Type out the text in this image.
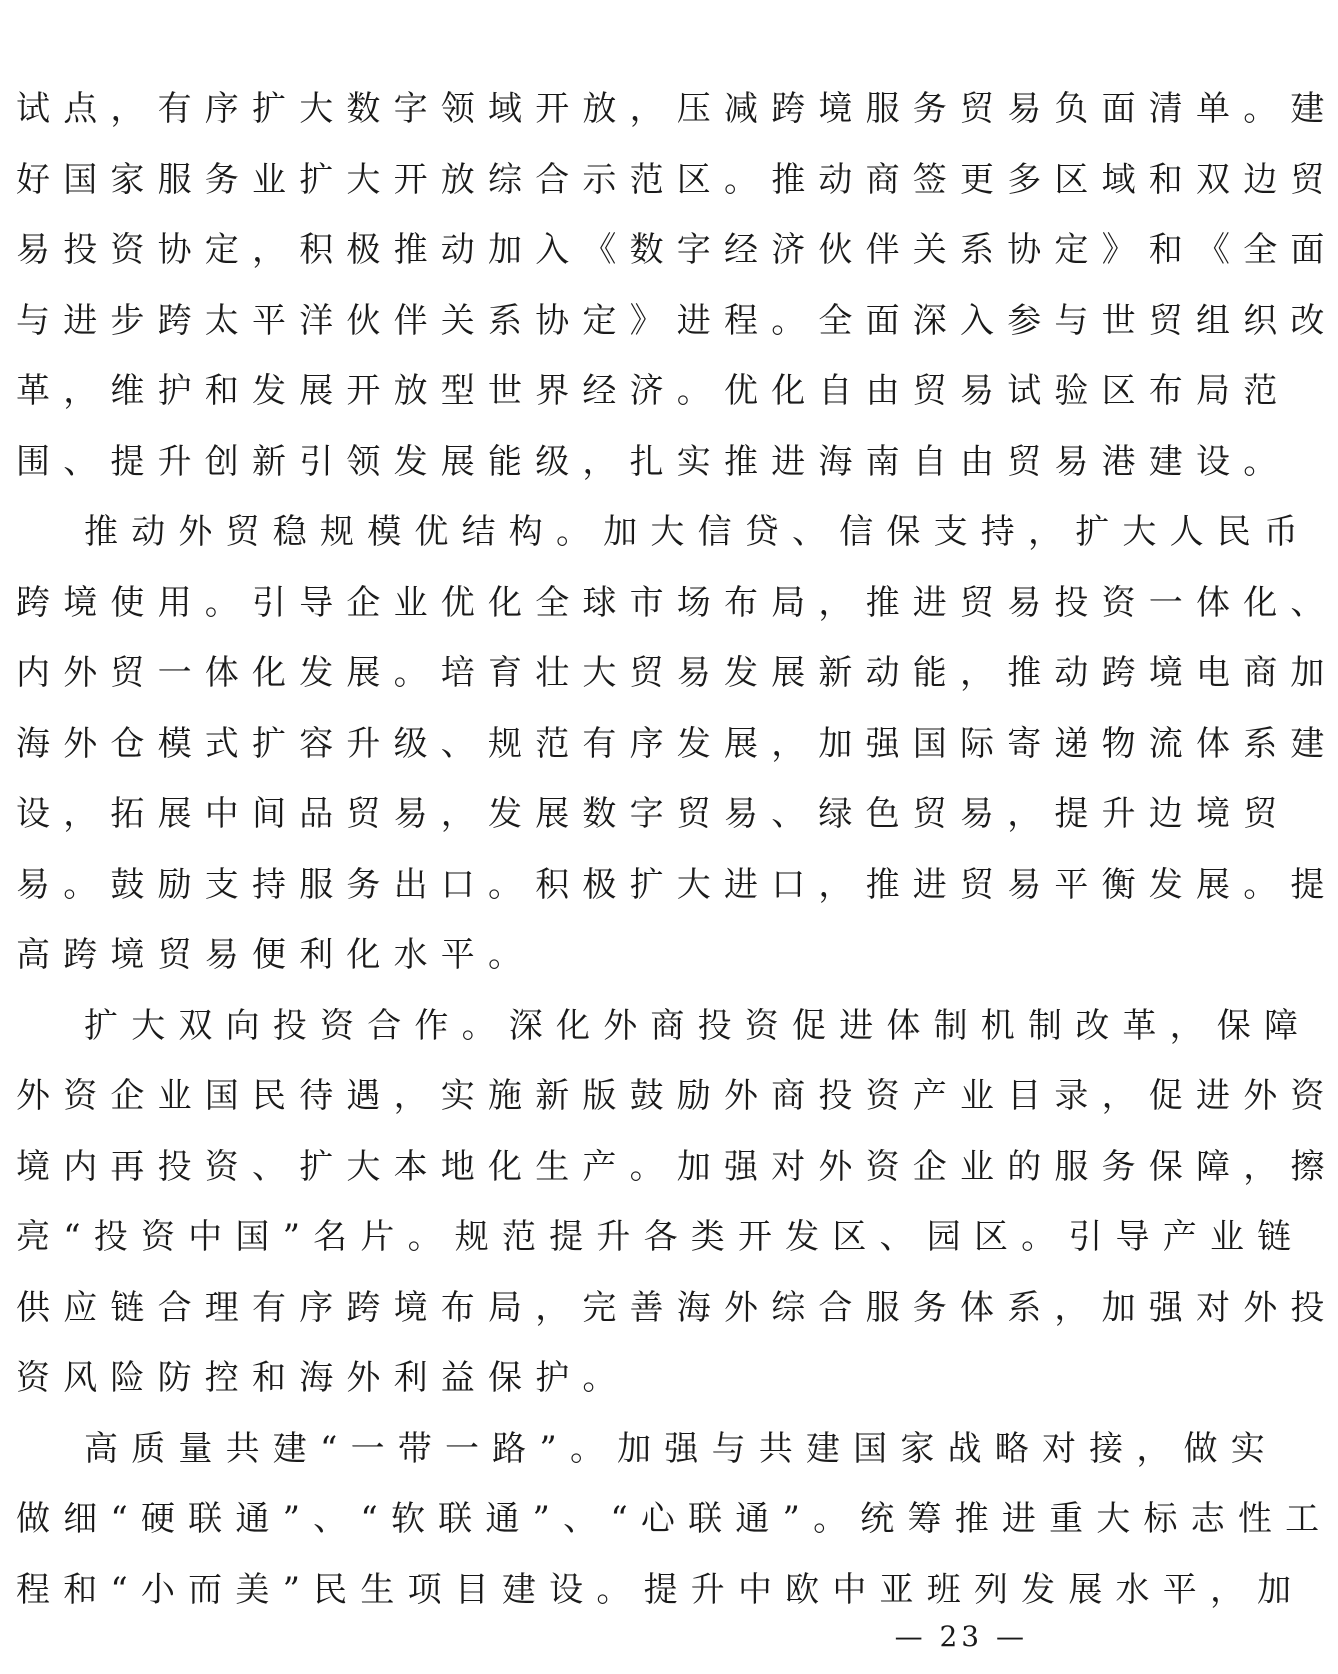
试点，有序扩大数字领域开放，压减跨境服务贸易负面清单。建
好国家服务业扩大开放综合示范区。推动商签更多区域和双边贸
易投资协定，积极推动加入《数字经济伙伴关系协定》和《全面
与进步跨太平洋伙伴关系协定》进程。全面深入参与世贸组织改
革，维护和发展开放型世界经济。优化自由贸易试验区布局范
围、提升创新引领发展能级，扎实推进海南自由贸易港建设。
推动外贸稳规模优结构。加大信贷、信保支持，扩大人民币
跨境使用。引导企业优化全球市场布局，推进贸易投资一体化、
内外贸一体化发展。培育壮大贸易发展新动能，推动跨境电商加
海外仓模式扩容升级、规范有序发展，加强国际寄递物流体系建
设，拓展中间品贸易，发展数字贸易、绿色贸易，提升边境贸
易。鼓励支持服务出口。积极扩大进口，推进贸易平衡发展。提
高跨境贸易便利化水平。
扩大双向投资合作。深化外商投资促进体制机制改革，保障
外资企业国民待遇，实施新版鼓励外商投资产业目录，促进外资
境内再投资、扩大本地化生产。加强对外资企业的服务保障，擦
亮“投资中国”名片。规范提升各类开发区、园区。引导产业链
供应链合理有序跨境布局，完善海外综合服务体系，加强对外投
资风险防控和海外利益保护。
高质量共建“一带一路”。加强与共建国家战略对接，做实
做细“硬联通”、“软联通”、“心联通”。统筹推进重大标志性工
程和“小而美”民生项目建设。提升中欧中亚班列发展水平，加
— 23 —
